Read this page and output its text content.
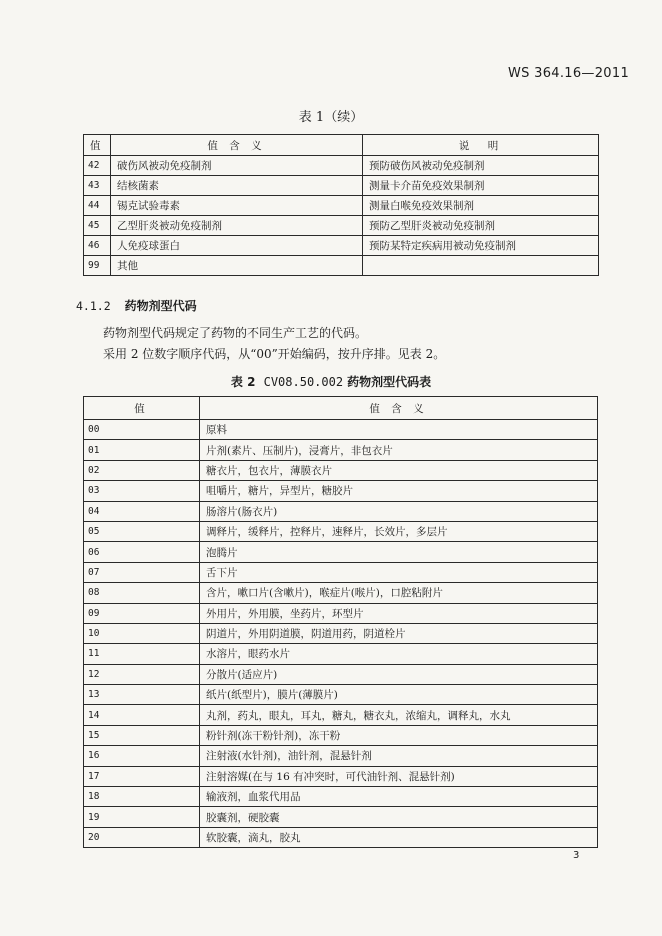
WS 364.16—2011
表 1（续）
值	值 含 义	说　明
42	破伤风被动免疫制剂	预防破伤风被动免疫制剂
43	结核菌素	测量卡介苗免疫效果制剂
44	锡克试验毒素	测量白喉免疫效果制剂
45	乙型肝炎被动免疫制剂	预防乙型肝炎被动免疫制剂
46	人免疫球蛋白	预防某特定疾病用被动免疫制剂
99	其他	
4.1.2 药物剂型代码
药物剂型代码规定了药物的不同生产工艺的代码。
采用 2 位数字顺序代码，从“00”开始编码，按升序排。见表 2。
表 2 CV08.50.002 药物剂型代码表
值	值 含 义
00	原料
01	片剂(素片、压制片)，浸膏片，非包衣片
02	糖衣片，包衣片，薄膜衣片
03	咀嚼片，糖片，异型片，糖胶片
04	肠溶片(肠衣片)
05	调释片，缓释片，控释片，速释片，长效片，多层片
06	泡腾片
07	舌下片
08	含片，嗽口片(含嗽片)，喉症片(喉片)，口腔粘附片
09	外用片，外用膜，坐药片，环型片
10	阴道片，外用阴道膜，阴道用药，阴道栓片
11	水溶片，眼药水片
12	分散片(适应片)
13	纸片(纸型片)，膜片(薄膜片)
14	丸剂，药丸，眼丸，耳丸，糖丸，糖衣丸，浓缩丸，调释丸，水丸
15	粉针剂(冻干粉针剂)，冻干粉
16	注射液(水针剂)，油针剂，混悬针剂
17	注射溶媒(在与 16 有冲突时，可代油针剂、混悬针剂)
18	输液剂，血浆代用品
19	胶囊剂，硬胶囊
20	软胶囊，滴丸，胶丸
3
